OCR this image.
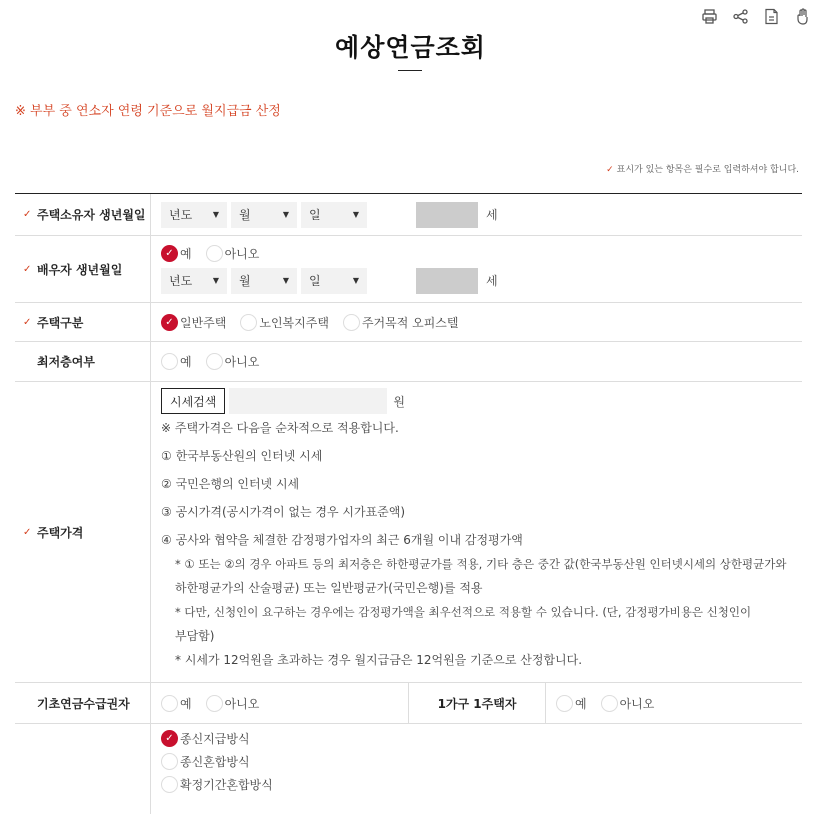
예상연금조회
※ 부부 중 연소자 연령 기준으로 월지급금 산정
✓ 표시가 있는 항목은 필수로 입력하셔야 합니다.
✓ 주택소유자 생년월일 년도	▼ 월	▼ 일	▼	세
✓ 배우자 생년월일
✓ 예	아니오
년도	▼ 월	▼ 일	▼	세
✓ 주택구분	✓ 일반주택	노인복지주택	주거목적 오피스텔
최저층여부	예	아니오
✓ 주택가격
시세검색	원
※ 주택가격은 다음을 순차적으로 적용합니다.
① 한국부동산원의 인터넷 시세
② 국민은행의 인터넷 시세
③ 공시가격(공시가격이 없는 경우 시가표준액)
④ 공사와 협약을 체결한 감정평가업자의 최근 6개월 이내 감정평가액
* ① 또는 ②의 경우 아파트 등의 최저층은 하한평균가를 적용, 기타 층은 중간 값(한국부동산원 인터넷시세의 상한평균가와
하한평균가의 산술평균) 또는 일반평균가(국민은행)를 적용
* 다만, 신청인이 요구하는 경우에는 감정평가액을 최우선적으로 적용할 수 있습니다. (단, 감정평가비용은 신청인이
부담함)
* 시세가 12억원을 초과하는 경우 월지급금은 12억원을 기준으로 산정합니다.
기초연금수급권자	예	아니오	1가구 1주택자	예	아니오
✓ 종신지급방식
종신혼합방식
확정기간혼합방식
